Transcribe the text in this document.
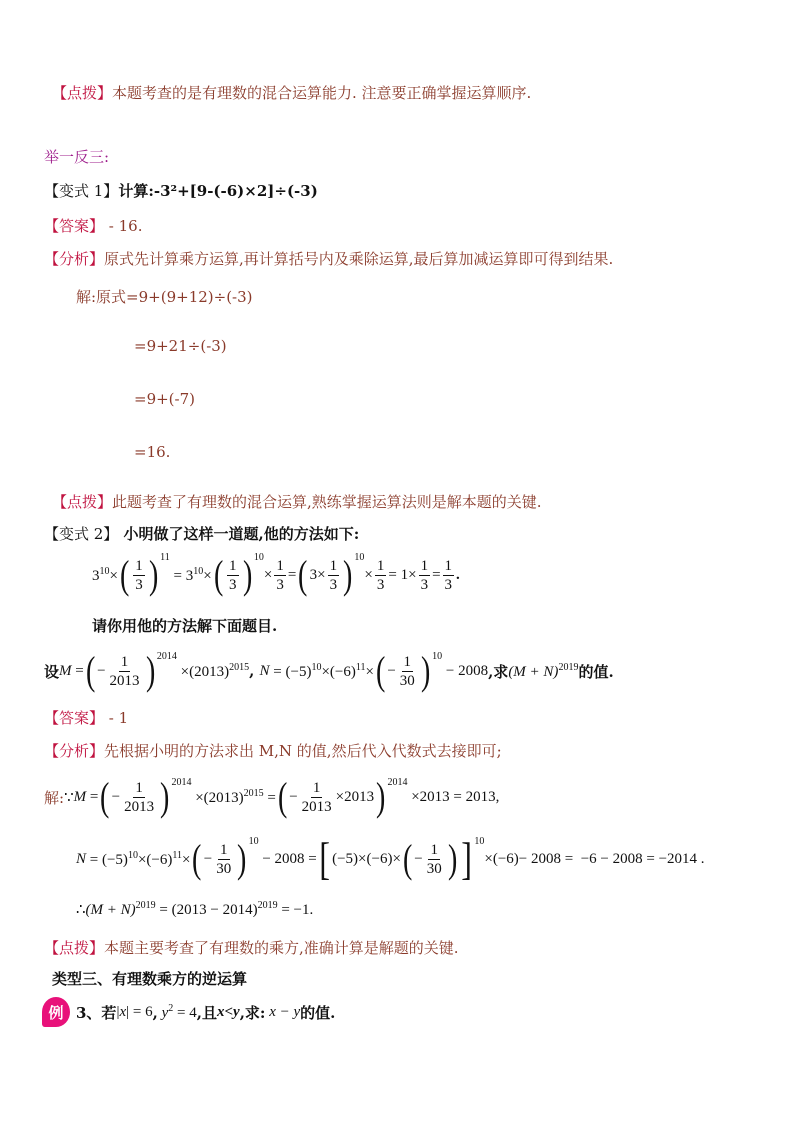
【点拨】本题考查的是有理数的混合运算能力. 注意要正确掌握运算顺序.
举一反三:
【变式 1】计算:-3²+[9-(-6)×2]÷(-3)
【答案】 - 16.
【分析】原式先计算乘方运算,再计算括号内及乘除运算,最后算加减运算即可得到结果.
解:原式=9+(9+12)÷(-3)
=9+21÷(-3)
=9+(-7)
=16.
【点拨】此题考查了有理数的混合运算,熟练掌握运算法则是解本题的关键.
【变式 2】 小明做了这样一道题,他的方法如下:
$3^{10}\times$ ( $\frac{1}{3} )^{11}$
= $3^{10}\times$ ( $\frac{1}{3} )^{10}$
× $\frac{1}{3}$ = ( $3\times \frac{1}{3} )^{10}$
× $\frac{1}{3} = 1\times \frac{1}{3} = \frac{1}{3}$ .
请你用他的方法解下面题目.
设 M = ( − $\frac{1}{2013} )^{2014}$
$\times(2013)^{2015}$ , $N = (-5)^{10}\times(-6)^{11}\times$ ( − $\frac{1}{30} )^{10}$
− 2008 ,求 $(M + N)^{2019}$ 的值.
【答案】 - 1
【分析】先根据小明的方法求出 M,N 的值,然后代入代数式去接即可;
解: ∵ M = ( − $\frac{1}{2013} )^{2014}$
$\times(2013)^{2015}$ = ( − $\frac{1}{2013} \times 2013$ )$^{2014}$
×2013 = 2013 ,
$N = (-5)^{10}\times(-6)^{11}\times$ ( − $\frac{1}{30} )^{10}$
− 2008 = [ (−5)×(−6)× ( − $\frac{1}{30}$ ) ]$^{10}$
×(−6)− 2008 =  −6 − 2008 = −2014 .
∴(M + $N)^{2019} = (2013 - 2014)^{2019} = -1$.
【点拨】本题主要考查了有理数的乘方,准确计算是解题的关键.
类型三、有理数乘方的逆运算
例 3、若 |x| = 6 , $y^2 = 4$ ,且 x<y ,求: x − y 的值.
